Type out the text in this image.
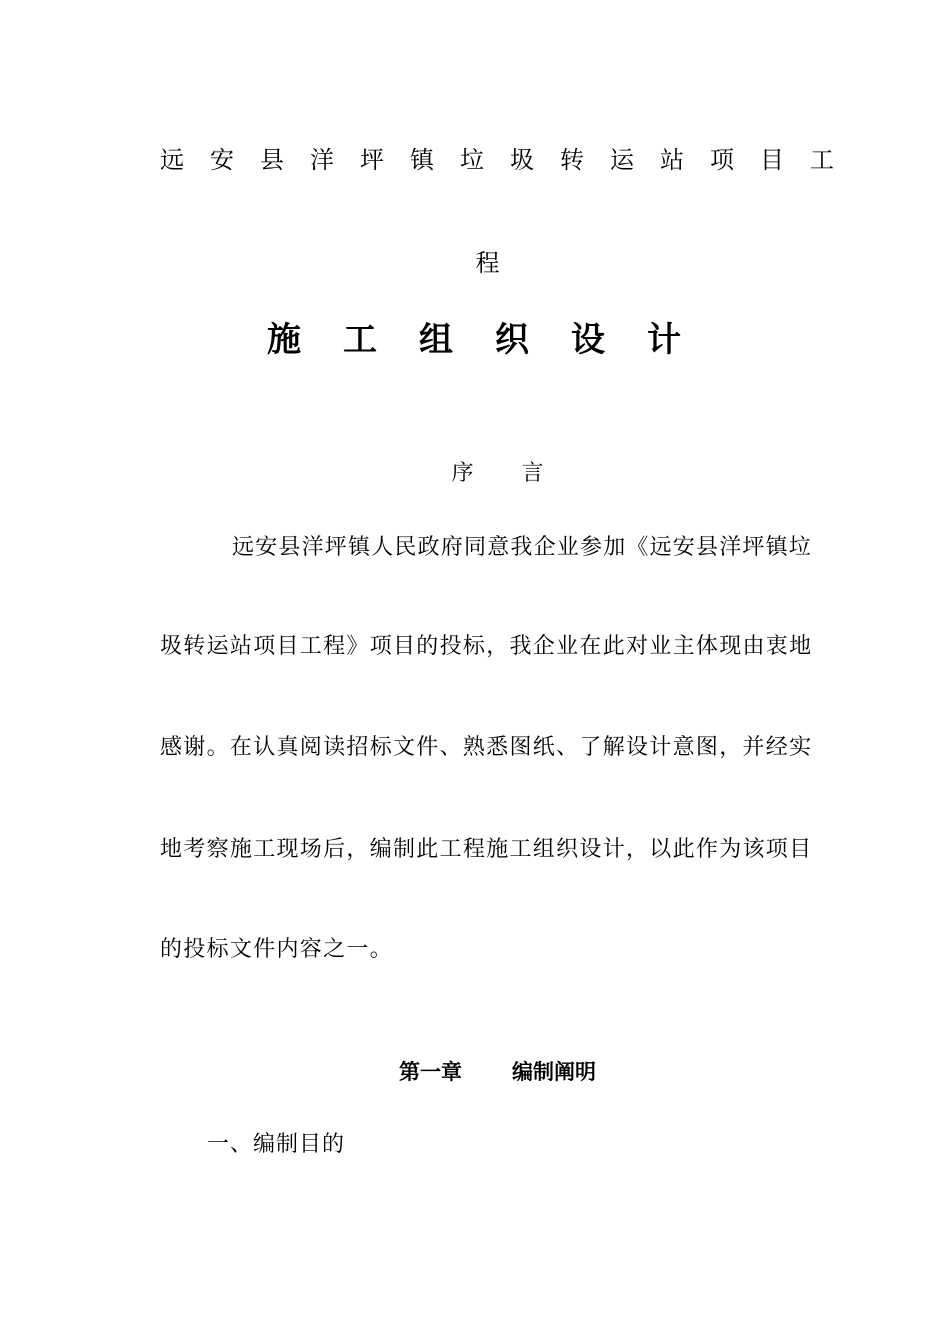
远安县洋坪镇垃圾转运站项目工
程
施工组织设计
序 言
远安县洋坪镇人民政府同意我企业参加《远安县洋坪镇垃
圾转运站项目工程》项目的投标，我企业在此对业主体现由衷地
感谢。在认真阅读招标文件、熟悉图纸、了解设计意图，并经实
地考察施工现场后，编制此工程施工组织设计，以此作为该项目
的投标文件内容之一。
第一章 编制阐明
一、编制目的
